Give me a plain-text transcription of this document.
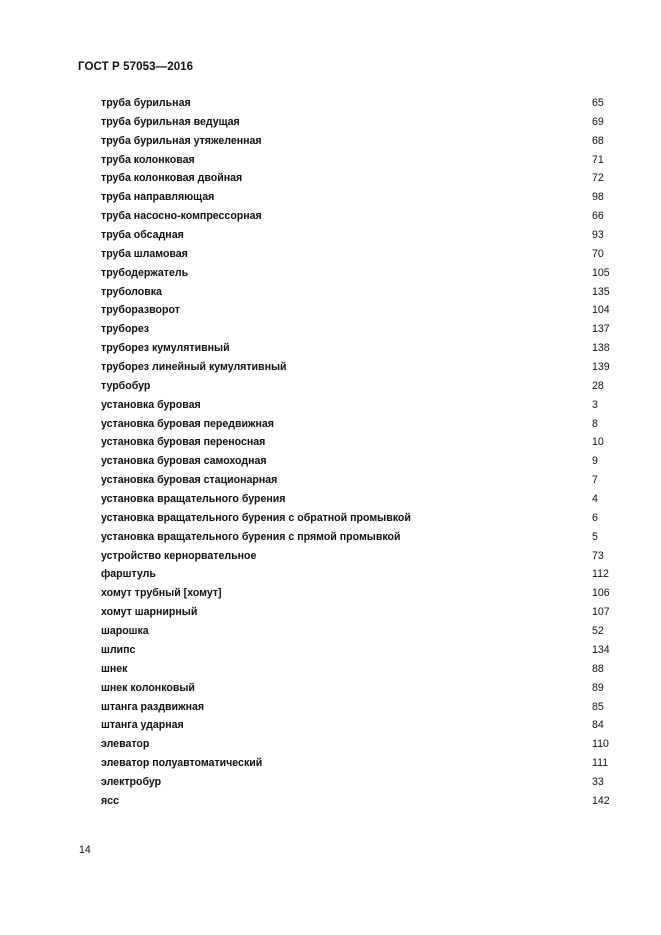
ГОСТ Р 57053—2016
труба бурильная	65
труба бурильная ведущая	69
труба бурильная утяжеленная	68
труба колонковая	71
труба колонковая двойная	72
труба направляющая	98
труба насосно-компрессорная	66
труба обсадная	93
труба шламовая	70
трубодержатель	105
труболовка	135
труборазворот	104
труборез	137
труборез кумулятивный	138
труборез линейный кумулятивный	139
турбобур	28
установка буровая	3
установка буровая передвижная	8
установка буровая переносная	10
установка буровая самоходная	9
установка буровая стационарная	7
установка вращательного бурения	4
установка вращательного бурения с обратной промывкой	6
установка вращательного бурения с прямой промывкой	5
устройство кернорвательное	73
фарштуль	112
хомут трубный [хомут]	106
хомут шарнирный	107
шарошка	52
шлипс	134
шнек	88
шнек колонковый	89
штанга раздвижная	85
штанга ударная	84
элеватор	110
элеватор полуавтоматический	111
электробур	33
ясс	142
14
